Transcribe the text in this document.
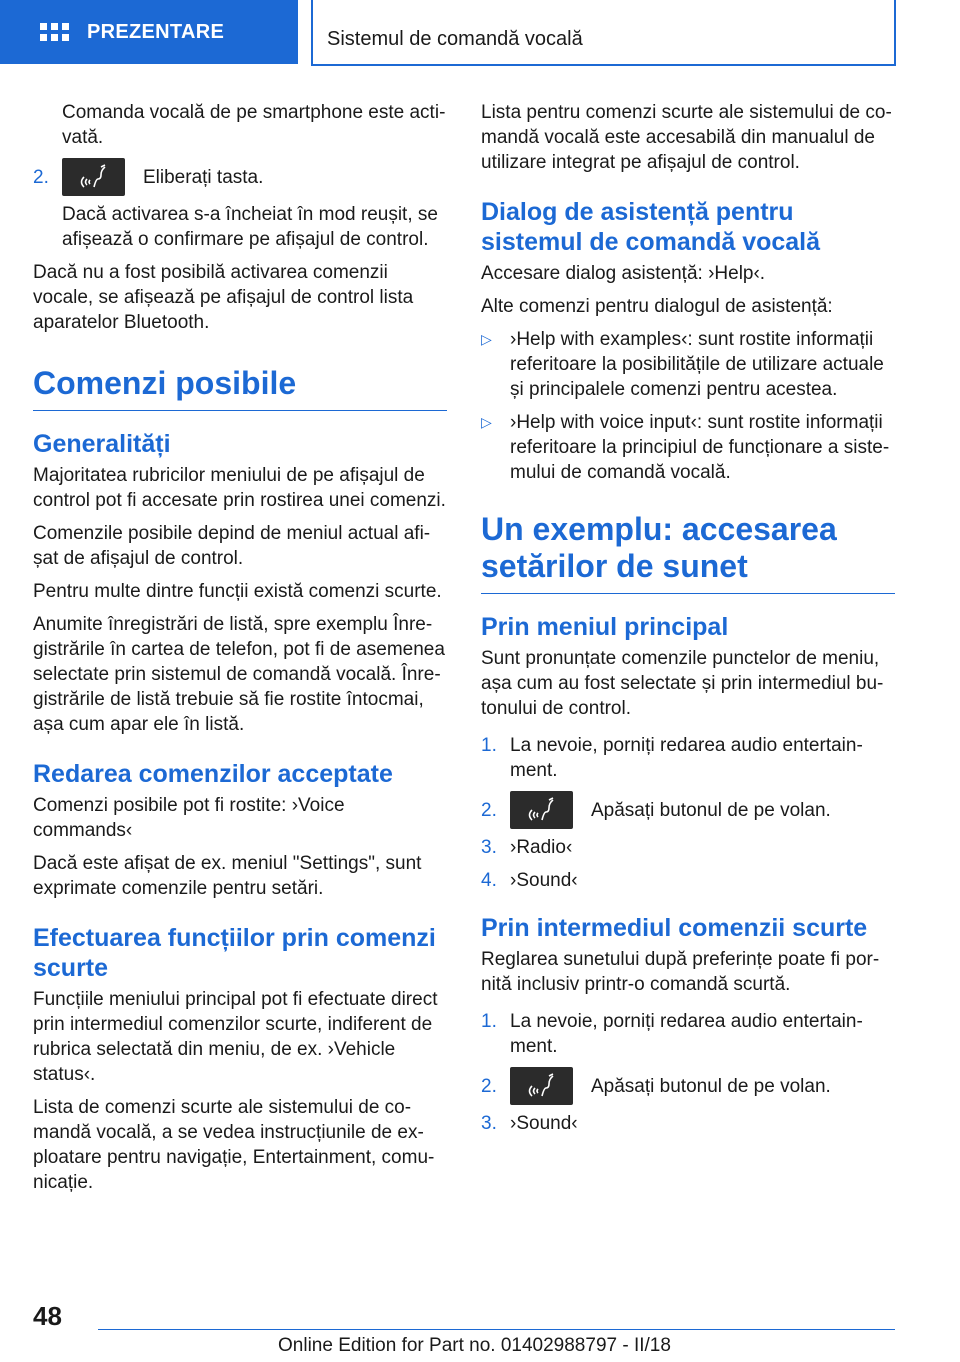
PREZENTARE	Sistemul de comandă vocală

Comanda vocală de pe smartphone este activată.

2.	Eliberați tasta.

Dacă activarea s-a încheiat în mod reușit, se afișează o confirmare pe afișajul de control.

Dacă nu a fost posibilă activarea comenzii vocale, se afișează pe afișajul de control lista aparatelor Bluetooth.

Comenzi posibile
Generalități

Majoritatea rubricilor meniului de pe afișajul de control pot fi accesate prin rostirea unei comenzi.

Comenzile posibile depind de meniul actual afișat de afișajul de control.

Pentru multe dintre funcții există comenzi scurte.

Anumite înregistrări de listă, spre exemplu Înregistrările în cartea de telefon, pot fi de asemenea selectate prin sistemul de comandă vocală. Înregistrările de listă trebuie să fie rostite întocmai, așa cum apar ele în listă.

Redarea comenzilor acceptate

Comenzi posibile pot fi rostite: ›Voice commands‹

Dacă este afișat de ex. meniul "Settings", sunt exprimate comenzile pentru setări.

Efectuarea funcțiilor prin comenzi scurte

Funcțiile meniului principal pot fi efectuate direct prin intermediul comenzilor scurte, indiferent de rubrica selectată din meniu, de ex. ›Vehicle status‹.

Lista de comenzi scurte ale sistemului de comandă vocală, a se vedea instrucțiunile de exploatare pentru navigație, Entertainment, comunicație.

Lista pentru comenzi scurte ale sistemului de comandă vocală este accesabilă din manualul de utilizare integrat pe afișajul de control.

Dialog de asistență pentru sistemul de comandă vocală

Accesare dialog asistență: ›Help‹.

Alte comenzi pentru dialogul de asistență:

▷ ›Help with examples‹: sunt rostite informații referitoare la posibilitățile de utilizare actuale și principalele comenzi pentru acestea.
▷ ›Help with voice input‹: sunt rostite informații referitoare la principiul de funcționare a sistemului de comandă vocală.
Un exemplu: accesarea setărilor de sunet
Prin meniul principal

Sunt pronunțate comenzile punctelor de meniu, așa cum au fost selectate și prin intermediul butonului de control.

1. La nevoie, porniți redarea audio entertainment.
2.	Apăsați butonul de pe volan.
3. ›Radio‹
4. ›Sound‹
Prin intermediul comenzii scurte

Reglarea sunetului după preferințe poate fi pornită inclusiv printr-o comandă scurtă.

1. La nevoie, porniți redarea audio entertainment.
2.	Apăsați butonul de pe volan.
3. ›Sound‹
48
Online Edition for Part no. 01402988797 - II/18
